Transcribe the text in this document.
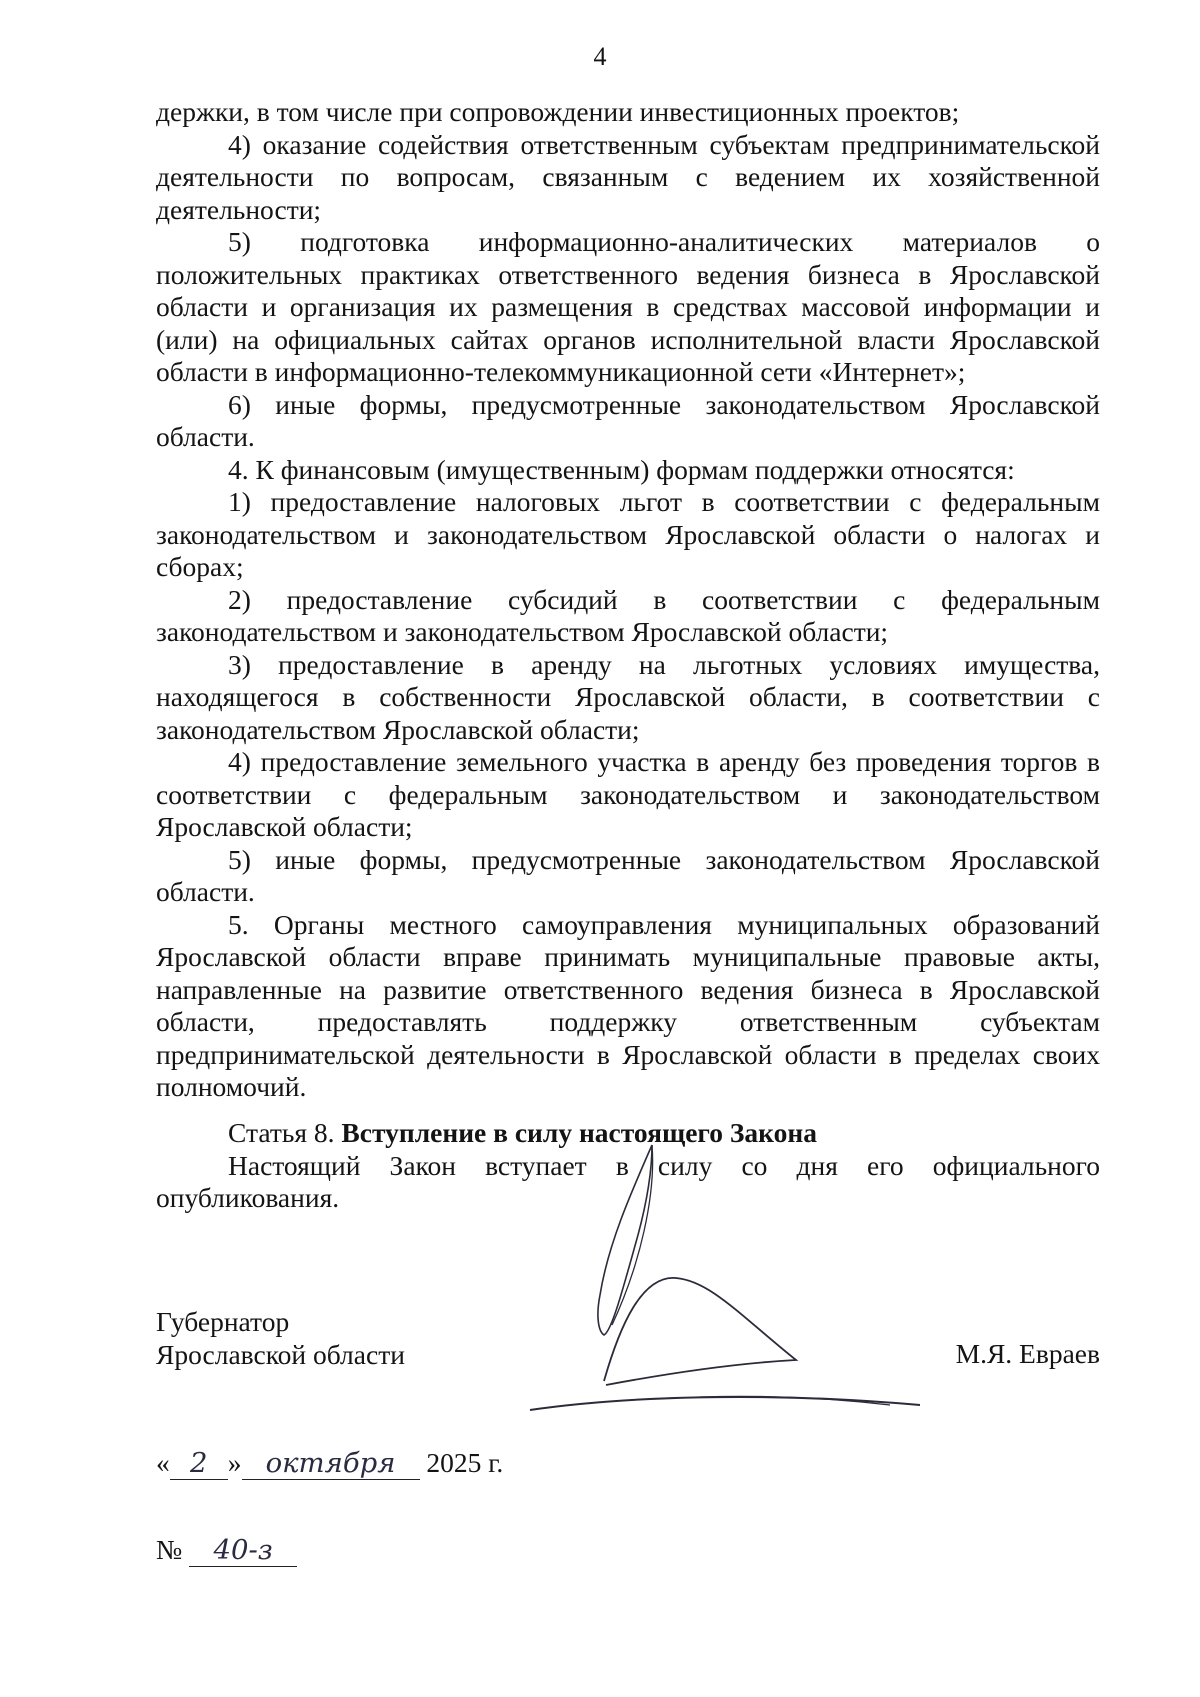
4

держки, в том числе при сопровождении инвестиционных проектов;

4) оказание содействия ответственным субъектам предпринимательской деятельности по вопросам, связанным с ведением их хозяйственной деятельности;

5) подготовка информационно-аналитических материалов о положительных практиках ответственного ведения бизнеса в Ярославской области и организация их размещения в средствах массовой информации и (или) на официальных сайтах органов исполнительной власти Ярославской области в информационно-телекоммуникационной сети «Интернет»;

6) иные формы, предусмотренные законодательством Ярославской области.

4. К финансовым (имущественным) формам поддержки относятся:

1) предоставление налоговых льгот в соответствии с федеральным законодательством и законодательством Ярославской области о налогах и сборах;

2) предоставление субсидий в соответствии с федеральным законодательством и законодательством Ярославской области;

3) предоставление в аренду на льготных условиях имущества, находящегося в собственности Ярославской области, в соответствии с законодательством Ярославской области;

4) предоставление земельного участка в аренду без проведения торгов в соответствии с федеральным законодательством и законодательством Ярославской области;

5) иные формы, предусмотренные законодательством Ярославской области.

5. Органы местного самоуправления муниципальных образований Ярославской области вправе принимать муниципальные правовые акты, направленные на развитие ответственного ведения бизнеса в Ярославской области, предоставлять поддержку ответственным субъектам предпринимательской деятельности в Ярославской области в пределах своих полномочий.

Статья 8. Вступление в силу настоящего Закона

Настоящий Закон вступает в силу со дня его официального опубликования.

Губернатор
Ярославской области	М.Я. Евраев
« 2 » октября 2025 г.
№ 40-з
